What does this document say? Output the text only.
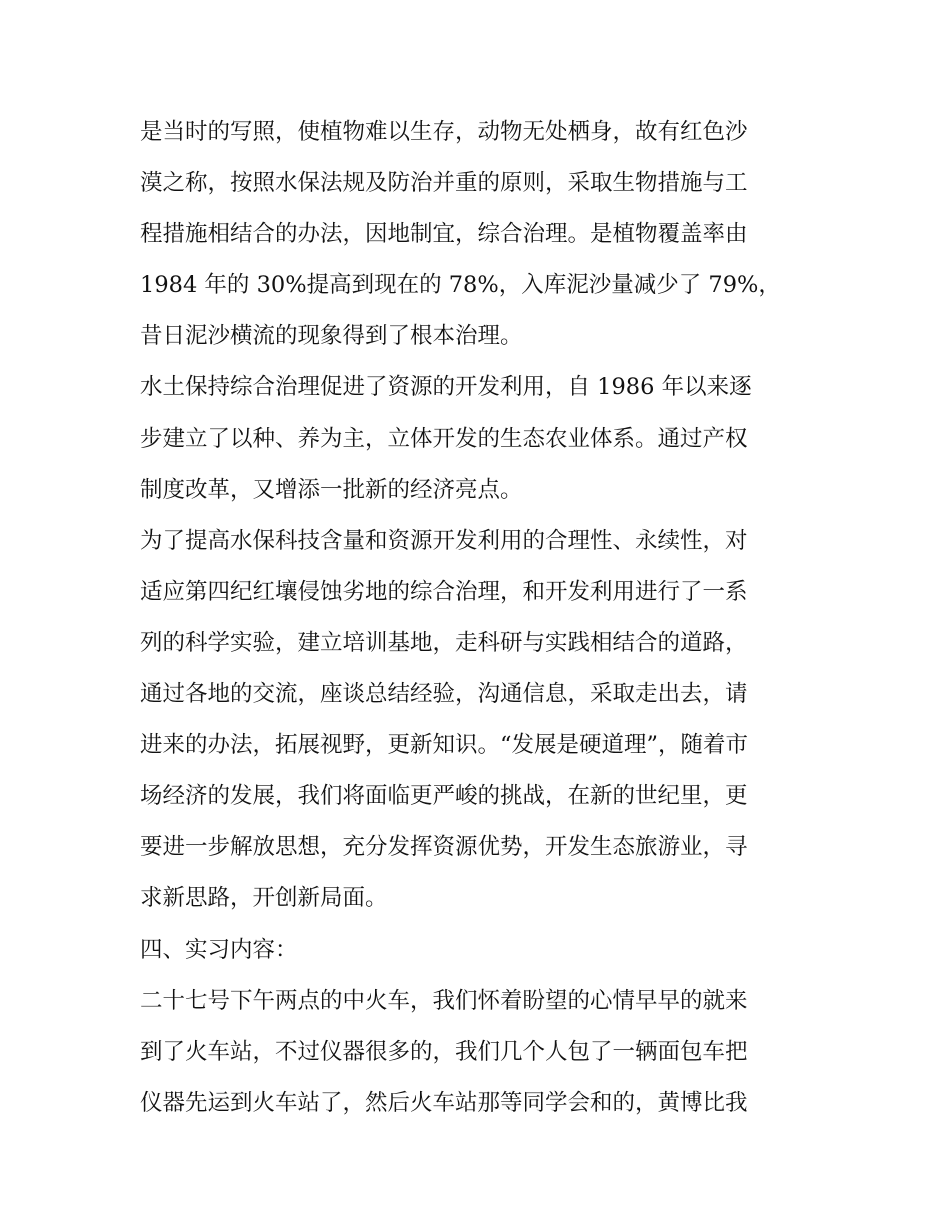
是当时的写照，使植物难以生存，动物无处栖身，故有红色沙
漠之称，按照水保法规及防治并重的原则，采取生物措施与工
程措施相结合的办法，因地制宜，综合治理。是植物覆盖率由
1984 年的 30%提高到现在的 78%，入库泥沙量减少了 79%，
昔日泥沙横流的现象得到了根本治理。
水土保持综合治理促进了资源的开发利用，自 1986 年以来逐
步建立了以种、养为主，立体开发的生态农业体系。通过产权
制度改革，又增添一批新的经济亮点。
为了提高水保科技含量和资源开发利用的合理性、永续性，对
适应第四纪红壤侵蚀劣地的综合治理，和开发利用进行了一系
列的科学实验，建立培训基地，走科研与实践相结合的道路，
通过各地的交流，座谈总结经验，沟通信息，采取走出去，请
进来的办法，拓展视野，更新知识。“发展是硬道理”，随着市
场经济的发展，我们将面临更严峻的挑战，在新的世纪里，更
要进一步解放思想，充分发挥资源优势，开发生态旅游业，寻
求新思路，开创新局面。
四、实习内容：
二十七号下午两点的中火车，我们怀着盼望的心情早早的就来
到了火车站，不过仪器很多的，我们几个人包了一辆面包车把
仪器先运到火车站了，然后火车站那等同学会和的，黄博比我
